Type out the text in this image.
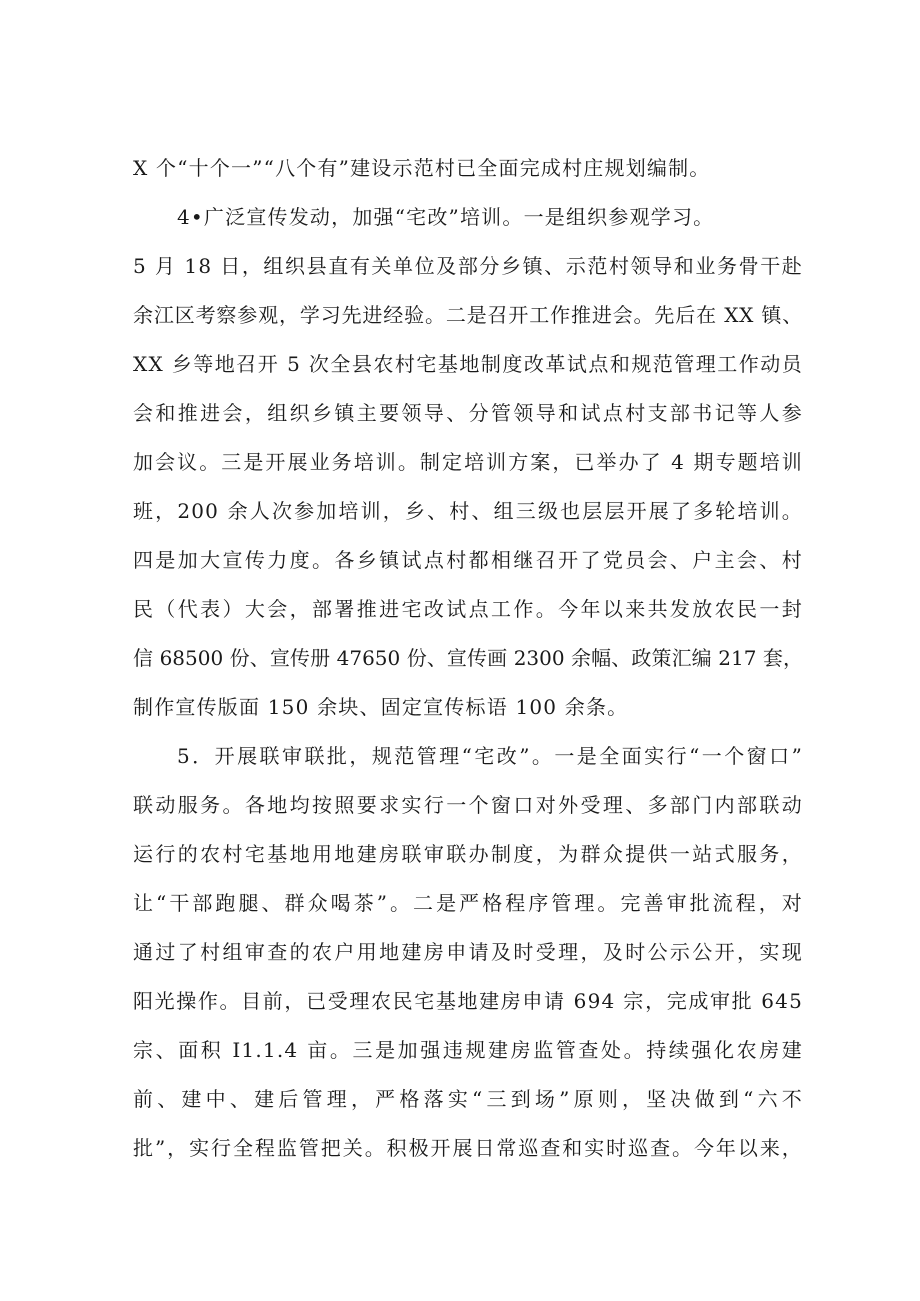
X 个“十个一”“八个有”建设示范村已全面完成村庄规划编制。
4•广泛宣传发动，加强“宅改”培训。一是组织参观学习。
5 月 18 日，组织县直有关单位及部分乡镇、示范村领导和业务骨干赴
余江区考察参观，学习先进经验。二是召开工作推进会。先后在 XX 镇、
XX 乡等地召开 5 次全县农村宅基地制度改革试点和规范管理工作动员
会和推进会，组织乡镇主要领导、分管领导和试点村支部书记等人参
加会议。三是开展业务培训。制定培训方案，已举办了 4 期专题培训
班，200 余人次参加培训，乡、村、组三级也层层开展了多轮培训。
四是加大宣传力度。各乡镇试点村都相继召开了党员会、户主会、村
民（代表）大会，部署推进宅改试点工作。今年以来共发放农民一封
信 68500 份、宣传册 47650 份、宣传画 2300 余幅、政策汇编 217 套，
制作宣传版面 150 余块、固定宣传标语 100 余条。
5．开展联审联批，规范管理“宅改”。一是全面实行“一个窗口”
联动服务。各地均按照要求实行一个窗口对外受理、多部门内部联动
运行的农村宅基地用地建房联审联办制度，为群众提供一站式服务，
让“干部跑腿、群众喝茶”。二是严格程序管理。完善审批流程，对
通过了村组审查的农户用地建房申请及时受理，及时公示公开，实现
阳光操作。目前，已受理农民宅基地建房申请 694 宗，完成审批 645
宗、面积 I1.1.4 亩。三是加强违规建房监管查处。持续强化农房建
前、建中、建后管理，严格落实“三到场”原则，坚决做到“六不
批”，实行全程监管把关。积极开展日常巡查和实时巡查。今年以来，
